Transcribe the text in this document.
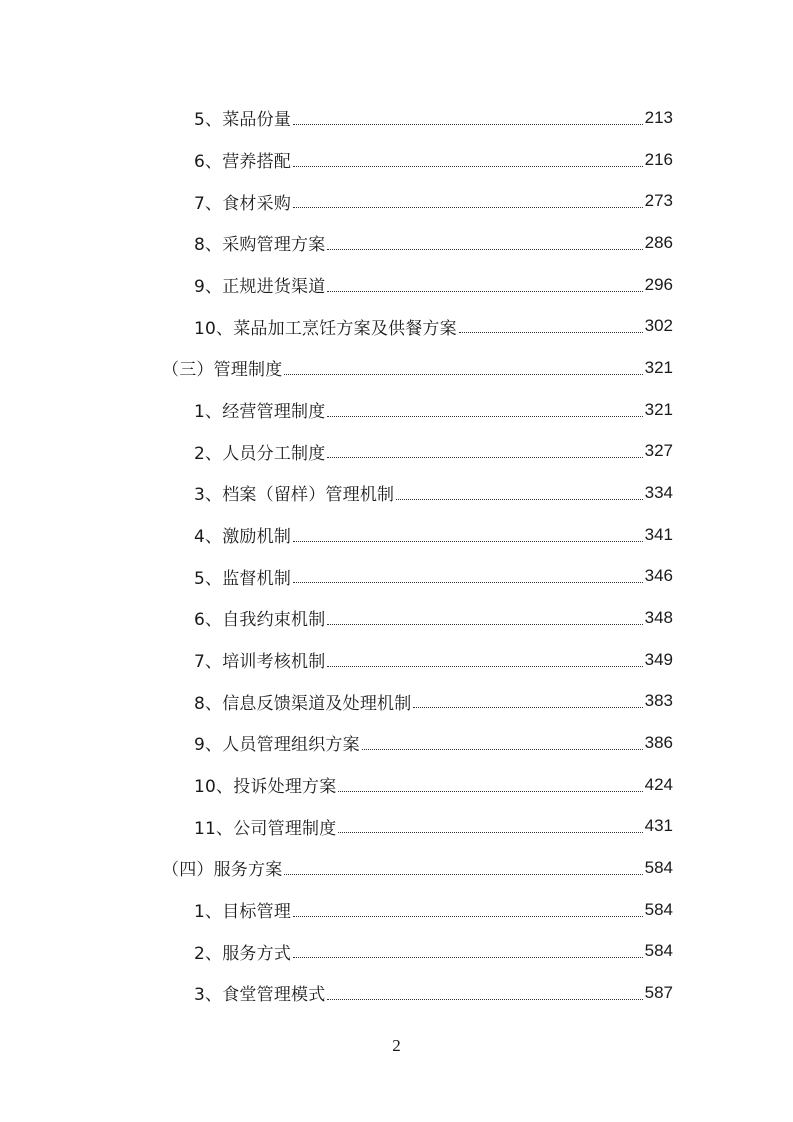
5、菜品份量	213
6、营养搭配	216
7、食材采购	273
8、采购管理方案	286
9、正规进货渠道	296
10、菜品加工烹饪方案及供餐方案	302
（三）管理制度	321
1、经营管理制度	321
2、人员分工制度	327
3、档案（留样）管理机制	334
4、激励机制	341
5、监督机制	346
6、自我约束机制	348
7、培训考核机制	349
8、信息反馈渠道及处理机制	383
9、人员管理组织方案	386
10、投诉处理方案	424
11、公司管理制度	431
（四）服务方案	584
1、目标管理	584
2、服务方式	584
3、食堂管理模式	587
2
